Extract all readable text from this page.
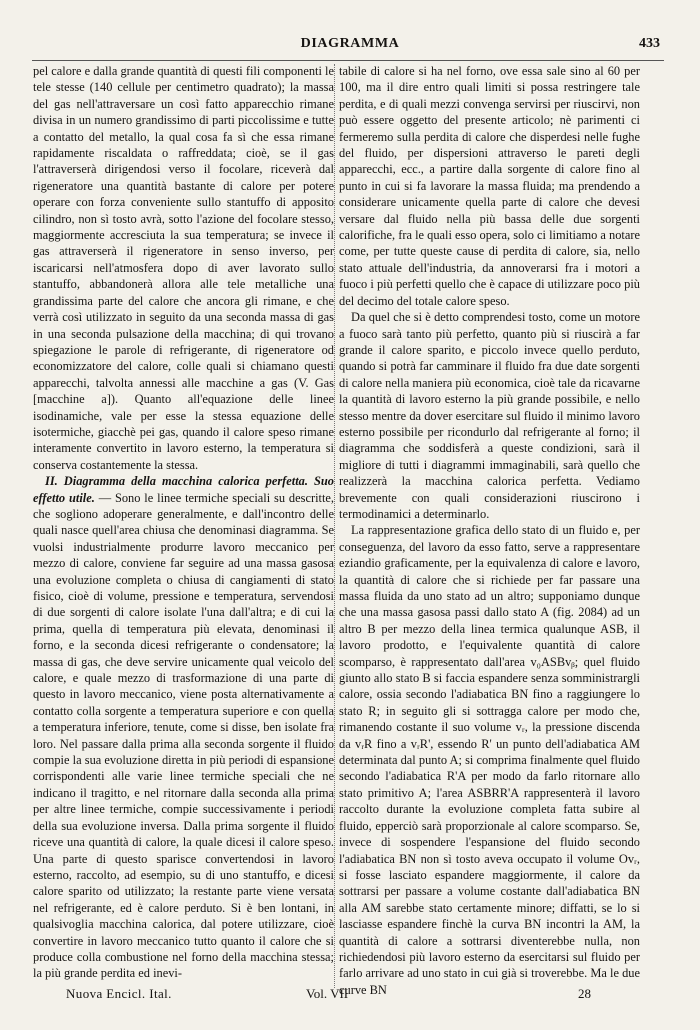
DIAGRAMMA	433

pel calore e dalla grande quantità di questi fili componenti le tele stesse (140 cellule per centimetro quadrato); la massa del gas nell'attraversare un così fatto apparecchio rimane divisa in un numero grandissimo di parti piccolissime e tutte a contatto del metallo, la qual cosa fa sì che essa rimane rapidamente riscaldata o raffreddata; cioè, se il gas l'attraverserà dirigendosi verso il focolare, riceverà dal rigeneratore una quantità bastante di calore per potere operare con forza conveniente sullo stantuffo di apposito cilindro, non sì tosto avrà, sotto l'azione del focolare stesso, maggiormente accresciuta la sua temperatura; se invece il gas attraverserà il rigeneratore in senso inverso, per iscaricarsi nell'atmosfera dopo di aver lavorato sullo stantuffo, abbandonerà allora alle tele metalliche una grandissima parte del calore che ancora gli rimane, e che verrà così utilizzato in seguito da una seconda massa di gas in una seconda pulsazione della macchina; di qui trovano spiegazione le parole di refrigerante, di rigeneratore od economizzatore del calore, colle quali si chiamano questi apparecchi, talvolta annessi alle macchine a gas (V. Gas [macchine a]). Quanto all'equazione delle linee isodinamiche, vale per esse la stessa equazione delle isotermiche, giacchè pei gas, quando il calore speso rimane interamente convertito in lavoro esterno, la temperatura si conserva costantemente la stessa.

II. Diagramma della macchina calorica perfetta. Suo effetto utile. — Sono le linee termiche speciali su descritte, che sogliono adoperare generalmente, e dall'incontro delle quali nasce quell'area chiusa che denominasi diagramma. Se vuolsi industrialmente produrre lavoro meccanico per mezzo di calore, conviene far seguire ad una massa gasosa una evoluzione completa o chiusa di cangiamenti di stato fisico, cioè di volume, pressione e temperatura, servendosi di due sorgenti di calore isolate l'una dall'altra; e di cui la prima, quella di temperatura più elevata, denominasi il forno, e la seconda dicesi refrigerante o condensatore; la massa di gas, che deve servire unicamente qual veicolo del calore, e quale mezzo di trasformazione di una parte di questo in lavoro meccanico, viene posta alternativamente a contatto colla sorgente a temperatura superiore e con quella a temperatura inferiore, tenute, come si disse, ben isolate fra loro. Nel passare dalla prima alla seconda sorgente il fluido compie la sua evoluzione diretta in più periodi di espansione corrispondenti alle varie linee termiche speciali che ne indicano il tragitto, e nel ritornare dalla seconda alla prima per altre linee termiche, compie successivamente i periodi della sua evoluzione inversa. Dalla prima sorgente il fluido riceve una quantità di calore, la quale dicesi il calore speso. Una parte di questo sparisce convertendosi in lavoro esterno, raccolto, ad esempio, su di uno stantuffo, e dicesi calore sparito od utilizzato; la restante parte viene versata nel refrigerante, ed è calore perduto. Si è ben lontani, in qualsivoglia macchina calorica, dal potere utilizzare, cioè convertire in lavoro meccanico tutto quanto il calore che si produce colla combustione nel forno della macchina stessa; la più grande perdita ed inevi-

tabile di calore si ha nel forno, ove essa sale sino al 60 per 100, ma il dire entro quali limiti si possa restringere tale perdita, e di quali mezzi convenga servirsi per riuscirvi, non può essere oggetto del presente articolo; nè parimenti ci fermeremo sulla perdita di calore che disperdesi nelle fughe del fluido, per dispersioni attraverso le pareti degli apparecchi, ecc., a partire dalla sorgente di calore fino al punto in cui si fa lavorare la massa fluida; ma prendendo a considerare unicamente quella parte di calore che devesi versare dal fluido nella più bassa delle due sorgenti calorifiche, fra le quali esso opera, solo ci limitiamo a notare come, per tutte queste cause di perdita di calore, sia, nello stato attuale dell'industria, da annoverarsi fra i motori a fuoco i più perfetti quello che è capace di utilizzare poco più del decimo del totale calore speso.

Da quel che si è detto comprendesi tosto, come un motore a fuoco sarà tanto più perfetto, quanto più si riuscirà a far grande il calore sparito, e piccolo invece quello perduto, quando si potrà far camminare il fluido fra due date sorgenti di calore nella maniera più economica, cioè tale da ricavarne la quantità di lavoro esterno la più grande possibile, e nello stesso mentre da dover esercitare sul fluido il minimo lavoro esterno possibile per ricondurlo dal refrigerante al forno; il diagramma che soddisferà a queste condizioni, sarà il migliore di tutti i diagrammi immaginabili, sarà quello che realizzerà la macchina calorica perfetta. Vediamo brevemente con quali considerazioni riuscirono i termodinamici a determinarlo.

La rappresentazione grafica dello stato di un fluido e, per conseguenza, del lavoro da esso fatto, serve a rappresentare eziandio graficamente, per la equivalenza di calore e lavoro, la quantità di calore che si richiede per far passare una massa fluida da uno stato ad un altro; supponiamo dunque che una massa gasosa passi dallo stato A (fig. 2084) ad un altro B per mezzo della linea termica qualunque ASB, il lavoro prodotto, e l'equivalente quantità di calore scomparso, è rappresentato dall'area v₀ASBvᵦ; quel fluido giunto allo stato B si faccia espandere senza somministrargli calore, ossia secondo l'adiabatica BN fino a raggiungere lo stato R; in seguito gli si sottragga calore per modo che, rimanendo costante il suo volume vᵣ, la pressione discenda da vᵣR fino a vᵣR', essendo R' un punto dell'adiabatica AM determinata dal punto A; si comprima finalmente quel fluido secondo l'adiabatica R'A per modo da farlo ritornare allo stato primitivo A; l'area ASBRR'A rappresenterà il lavoro raccolto durante la evoluzione completa fatta subire al fluido, epperciò sarà proporzionale al calore scomparso. Se, invece di sospendere l'espansione del fluido secondo l'adiabatica BN non sì tosto aveva occupato il volume Ovᵣ, si fosse lasciato espandere maggiormente, il calore da sottrarsi per passare a volume costante dall'adiabatica BN alla AM sarebbe stato certamente minore; diffatti, se lo si lasciasse espandere finchè la curva BN incontri la AM, la quantità di calore a sottrarsi diventerebbe nulla, non richiedendosi più lavoro esterno da esercitarsi sul fluido per farlo arrivare ad uno stato in cui già si troverebbe. Ma le due curve BN

Nuova Encicl. Ital.	Vol. VII	28
